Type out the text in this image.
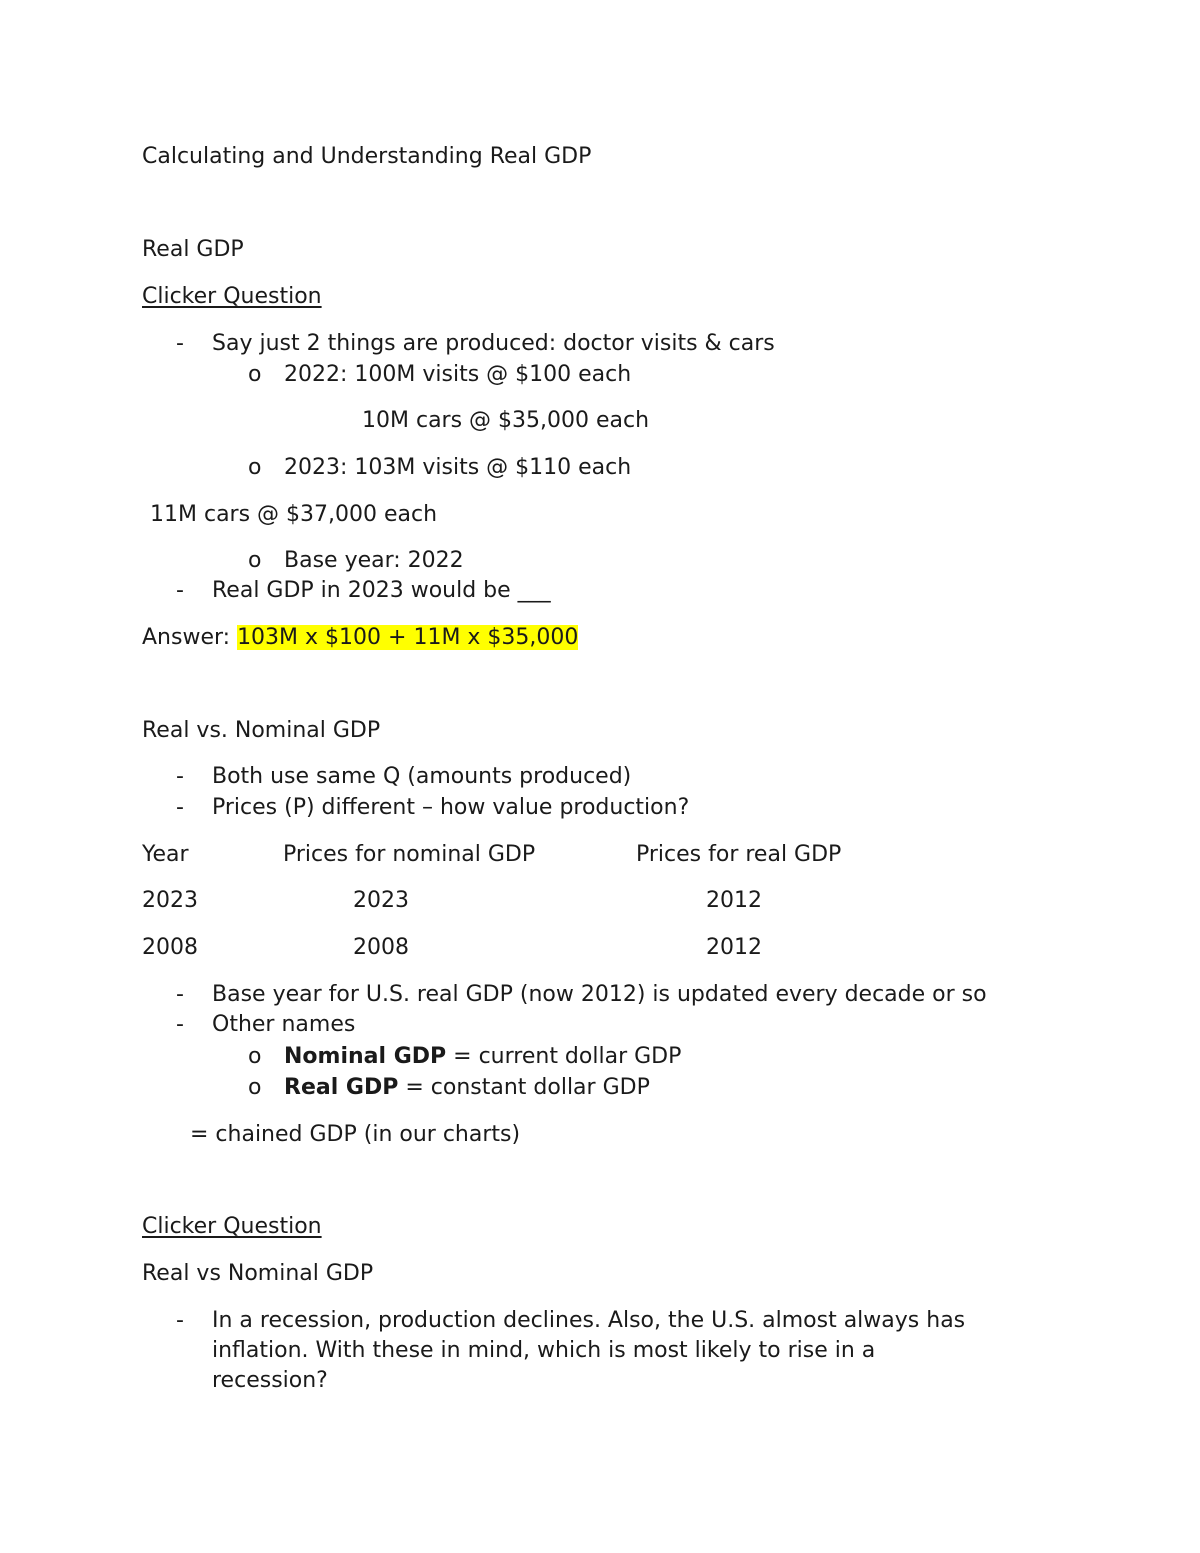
Calculating and Understanding Real GDP
Real GDP
Clicker Question
- Say just 2 things are produced: doctor visits & cars
o 2022: 100M visits @ $100 each
10M cars @ $35,000 each
o 2023: 103M visits @ $110 each
11M cars @ $37,000 each
o Base year: 2022
- Real GDP in 2023 would be ___
Answer: 103M x $100 + 11M x $35,000
Real vs. Nominal GDP
- Both use same Q (amounts produced)
- Prices (P) different – how value production?
Year	Prices for nominal GDP	Prices for real GDP
2023	2023	2012
2008	2008	2012
- Base year for U.S. real GDP (now 2012) is updated every decade or so
- Other names
o Nominal GDP = current dollar GDP
o Real GDP = constant dollar GDP
= chained GDP (in our charts)
Clicker Question
Real vs Nominal GDP
- In a recession, production declines. Also, the U.S. almost always has
inflation. With these in mind, which is most likely to rise in a
recession?
